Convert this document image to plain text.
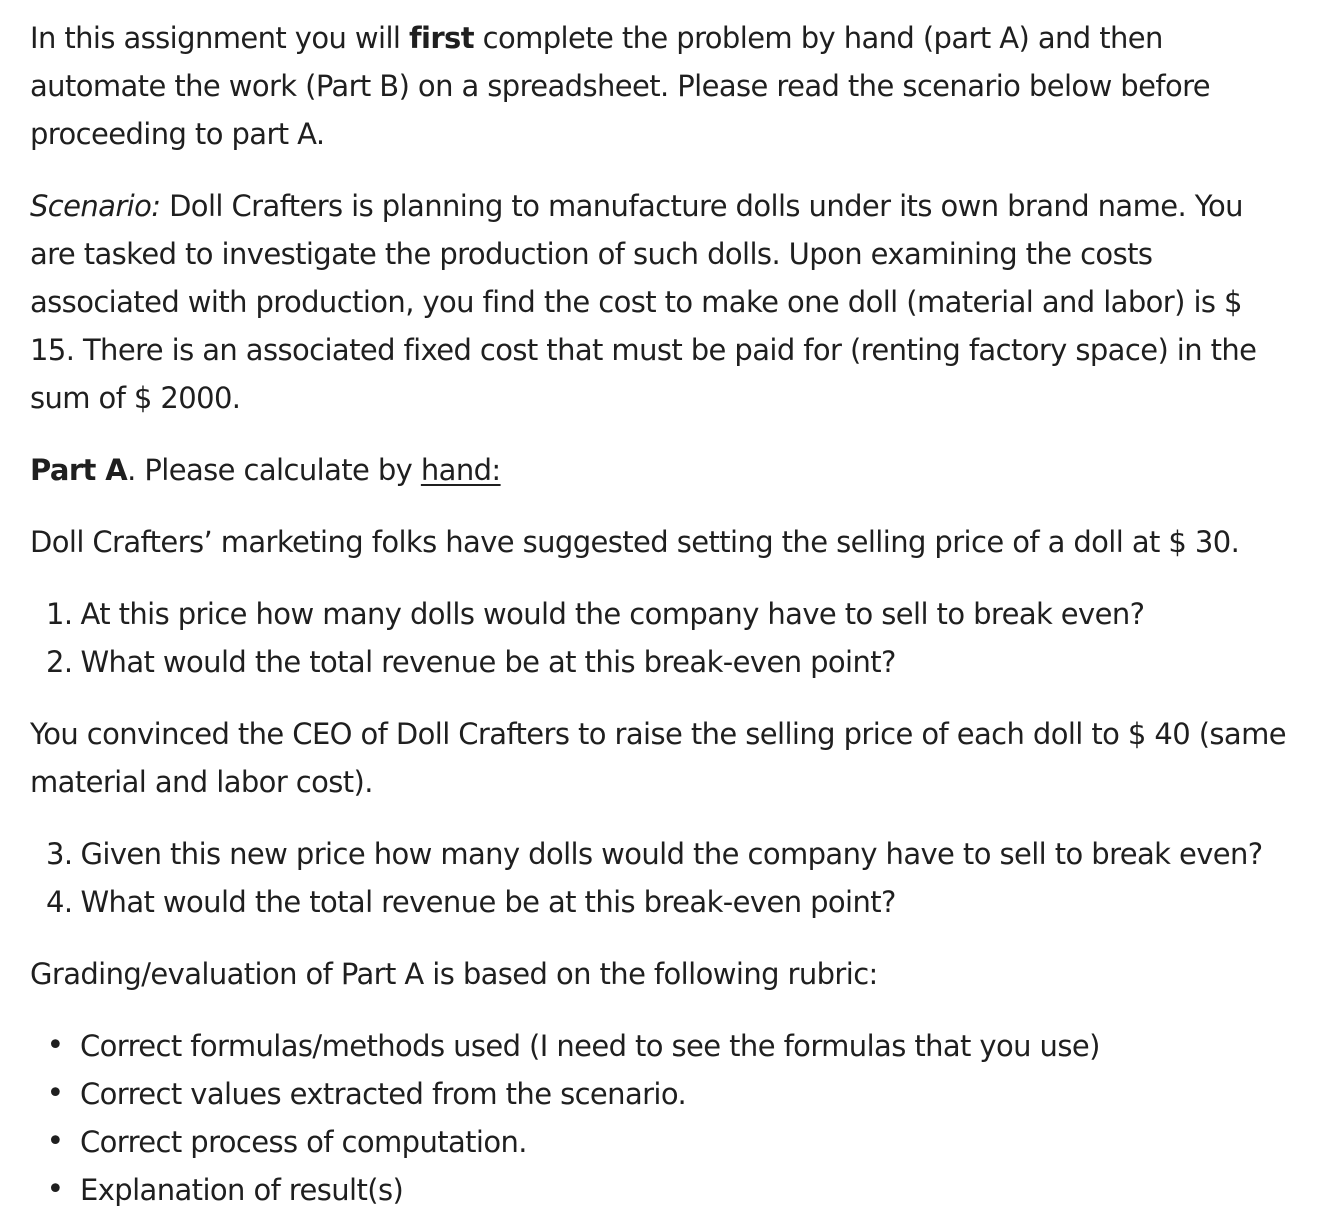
In this assignment you will first complete the problem by hand (part A) and then automate the work (Part B) on a spreadsheet. Please read the scenario below before proceeding to part A.

Scenario: Doll Crafters is planning to manufacture dolls under its own brand name. You are tasked to investigate the production of such dolls. Upon examining the costs associated with production, you find the cost to make one doll (material and labor) is $ 15. There is an associated fixed cost that must be paid for (renting factory space) in the sum of $ 2000.

Part A. Please calculate by hand:

Doll Crafters’ marketing folks have suggested setting the selling price of a doll at $ 30.

1. At this price how many dolls would the company have to sell to break even?
2. What would the total revenue be at this break-even point?

You convinced the CEO of Doll Crafters to raise the selling price of each doll to $ 40 (same material and labor cost).

3. Given this new price how many dolls would the company have to sell to break even?
4. What would the total revenue be at this break-even point?

Grading/evaluation of Part A is based on the following rubric:

• Correct formulas/methods used (I need to see the formulas that you use)
• Correct values extracted from the scenario.
• Correct process of computation.
• Explanation of result(s)
